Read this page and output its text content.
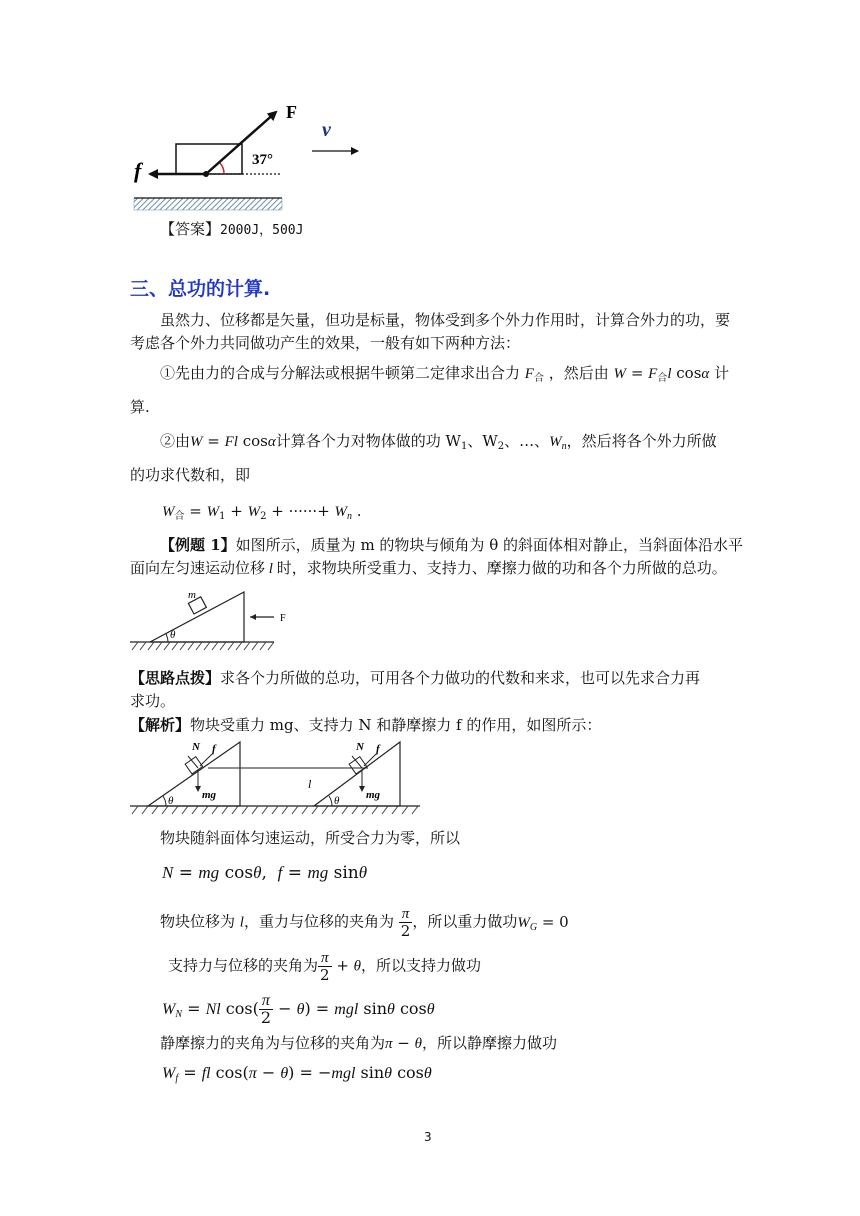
F
37°
f
v
【答案】2000J，500J
三、总功的计算.
虽然力、位移都是矢量，但功是标量，物体受到多个外力作用时，计算合外力的功，要
考虑各个外力共同做功产生的效果，一般有如下两种方法：
①先由力的合成与分解法或根据牛顿第二定律求出合力 $F_合$ ，然后由 $W = F_合l$ cosα 计
算.
②由W = Fl cosα计算各个力对物体做的功 $W_1$、$W_2$、…、$W_n$，然后将各个外力所做
的功求代数和，即
$W_合 = W_1 + W_2$ + ······+ $W_n$ .
【例题 1】如图所示，质量为 m 的物块与倾角为 θ 的斜面体相对静止，当斜面体沿水平
面向左匀速运动位移 l 时，求物块所受重力、支持力、摩擦力做的功和各个力所做的总功。
m
θ
F
【思路点拨】求各个力所做的总功，可用各个力做功的代数和来求，也可以先求合力再
求功。
【解析】物块受重力 mg、支持力 N 和静摩擦力 f 的作用，如图所示：
N f
mg
θ
N f
mg
θ
l
物块随斜面体匀速运动，所受合力为零，所以
N = mg cosθ,  f = mg sinθ
物块位移为 l，重力与位移的夹角为 $\frac{\pi}{2}$ ，所以重力做功$W_G = 0$
支持力与位移的夹角为 $\frac{\pi}{2} + \theta$，所以支持力做功
$W_N = Nl$ $\cos( \frac{\pi}{2} - \theta)$ = mgl sinθ cosθ
静摩擦力的夹角为与位移的夹角为π − θ，所以静摩擦力做功
$W_f$ = fl cos(π − θ) = −mgl sinθ cosθ
3
